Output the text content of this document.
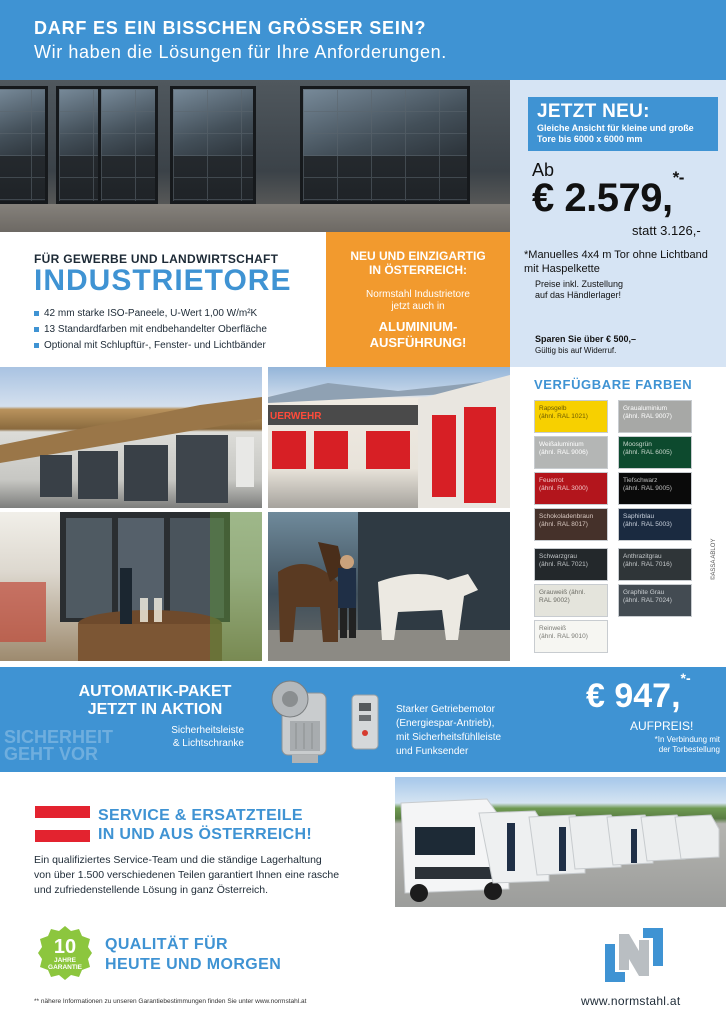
DARF ES EIN BISSCHEN GRÖSSER SEIN?
Wir haben die Lösungen für Ihre Anforderungen.
JETZT NEU:
Gleiche Ansicht für kleine und große Tore bis 6000 x 6000 mm
Ab
€ 2.579,*-
statt 3.126,-
*Manuelles 4x4 m Tor ohne Lichtband mit Haspelkette
Preise inkl. Zustellung
auf das Händlerlager!
Sparen Sie über € 500,–
Gültig bis auf Widerruf.
FÜR GEWERBE UND LANDWIRTSCHAFT
INDUSTRIETORE
42 mm starke ISO-Paneele, U-Wert 1,00 W/m²K
13 Standardfarben mit endbehandelter Oberfläche
Optional mit Schlupftür-, Fenster- und Lichtbänder
NEU UND EINZIGARTIG
IN ÖSTERREICH:
Normstahl Industrietore
jetzt auch in
ALUMINIUM-
AUSFÜHRUNG!
UERWEHR
VERFÜGBARE FARBEN
Rapsgelb
(ähnl. RAL 1021)
Graualuminium
(ähnl. RAL 9007)
Weißaluminium
(ähnl. RAL 9006)
Moosgrün
(ähnl. RAL 6005)
Feuerrot
(ähnl. RAL 3000)
Tiefschwarz
(ähnl. RAL 9005)
Schokoladenbraun
(ähnl. RAL 8017)
Saphirblau
(ähnl. RAL 5003)
Schwarzgrau
(ähnl. RAL 7021)
Anthrazitgrau
(ähnl. RAL 7016)
Grauweiß (ähnl.
RAL 9002)
Graphite Grau
(ähnl. RAL 7024)
Reinweiß
(ähnl. RAL 9010)
©ASSA ABLOY
SICHERHEIT
GEHT VOR
AUTOMATIK-PAKET
JETZT IN AKTION
Sicherheitsleiste
& Lichtschranke
Starker Getriebemotor
(Energiespar-Antrieb),
mit Sicherheitsfühlleiste
und Funksender
€ 947,*-
AUFPREIS!
*In Verbindung mit
der Torbestellung
SERVICE & ERSATZTEILE
IN UND AUS ÖSTERREICH!
Ein qualifiziertes Service-Team und die ständige Lagerhaltung
von über 1.500 verschiedenen Teilen garantiert Ihnen eine rasche
und zufriedenstellende Lösung in ganz Österreich.
10
JAHRE
GARANTIE
QUALITÄT FÜR
HEUTE UND MORGEN
** nähere Informationen zu unseren Garantiebestimmungen finden Sie unter www.normstahl.at	www.normstahl.at
